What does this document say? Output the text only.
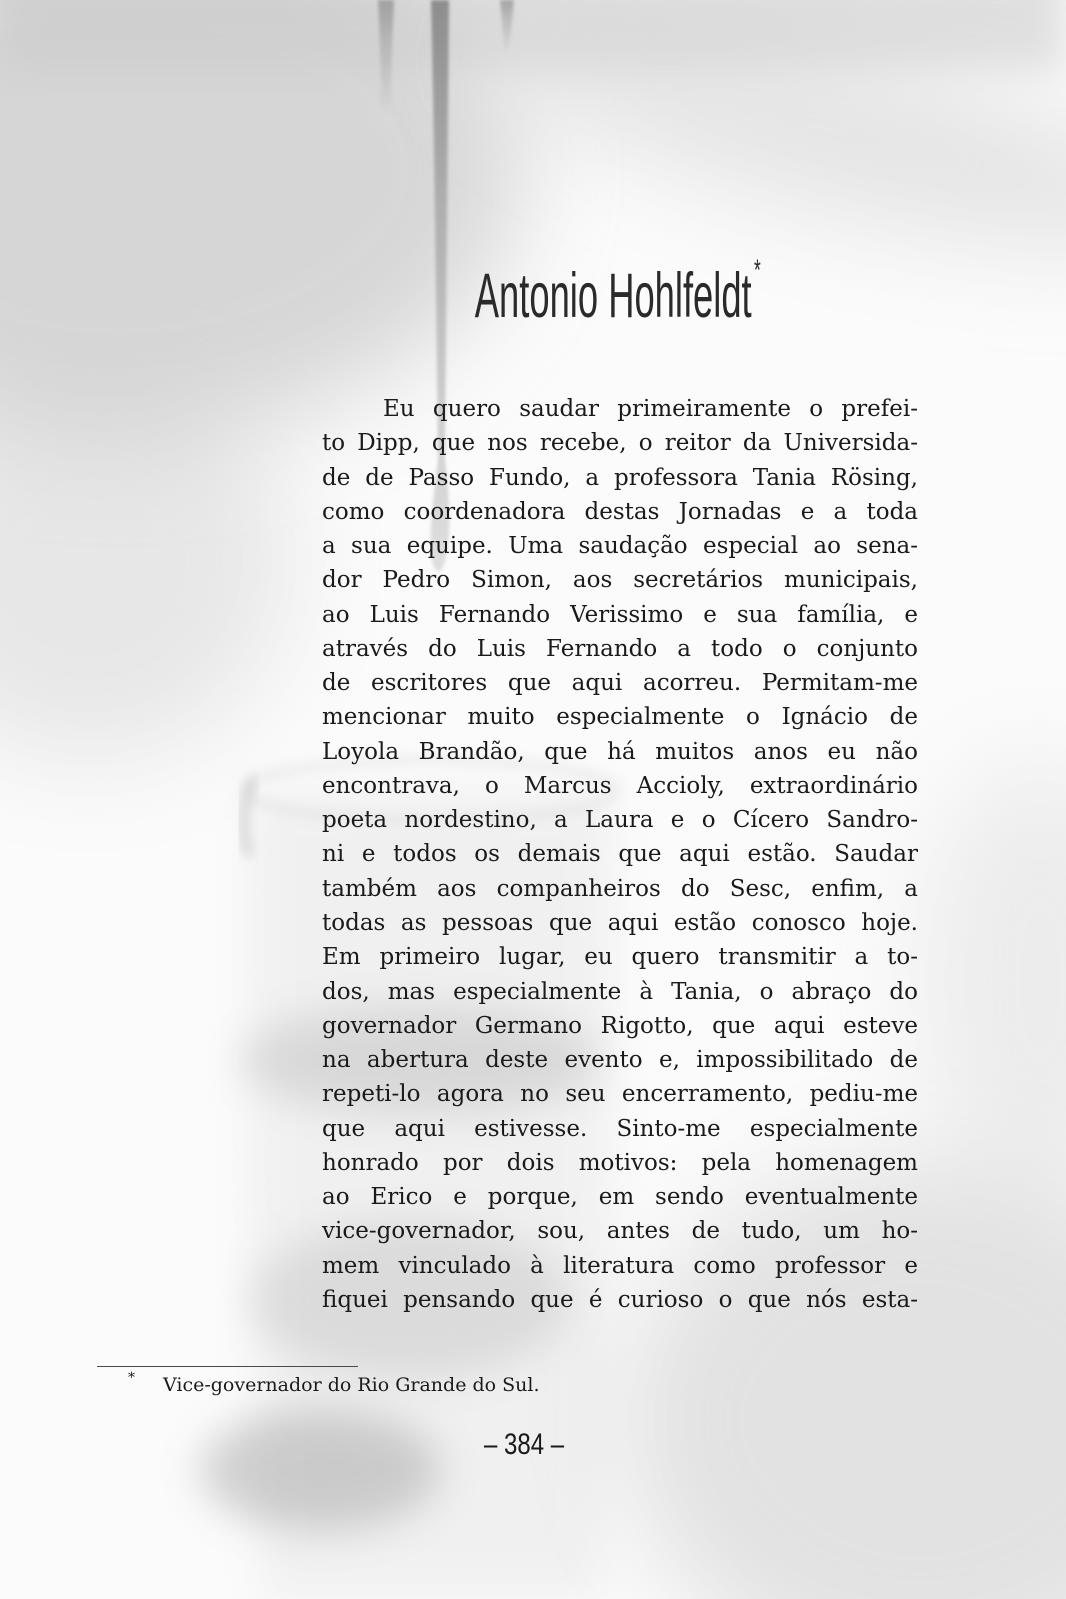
Antonio Hohlfeldt*
Eu quero saudar primeiramente o prefei-
to Dipp, que nos recebe, o reitor da Universida-
de de Passo Fundo, a professora Tania Rösing,
como coordenadora destas Jornadas e a toda
a sua equipe. Uma saudação especial ao sena-
dor Pedro Simon, aos secretários municipais,
ao Luis Fernando Verissimo e sua família, e
através do Luis Fernando a todo o conjunto
de escritores que aqui acorreu. Permitam-me
mencionar muito especialmente o Ignácio de
Loyola Brandão, que há muitos anos eu não
encontrava, o Marcus Accioly, extraordinário
poeta nordestino, a Laura e o Cícero Sandro-
ni e todos os demais que aqui estão. Saudar
também aos companheiros do Sesc, enfim, a
todas as pessoas que aqui estão conosco hoje.
Em primeiro lugar, eu quero transmitir a to-
dos, mas especialmente à Tania, o abraço do
governador Germano Rigotto, que aqui esteve
na abertura deste evento e, impossibilitado de
repeti-lo agora no seu encerramento, pediu-me
que aqui estivesse. Sinto-me especialmente
honrado por dois motivos: pela homenagem
ao Erico e porque, em sendo eventualmente
vice-governador, sou, antes de tudo, um ho-
mem vinculado à literatura como professor e
fiquei pensando que é curioso o que nós esta-
* Vice-governador do Rio Grande do Sul.
– 384 –
